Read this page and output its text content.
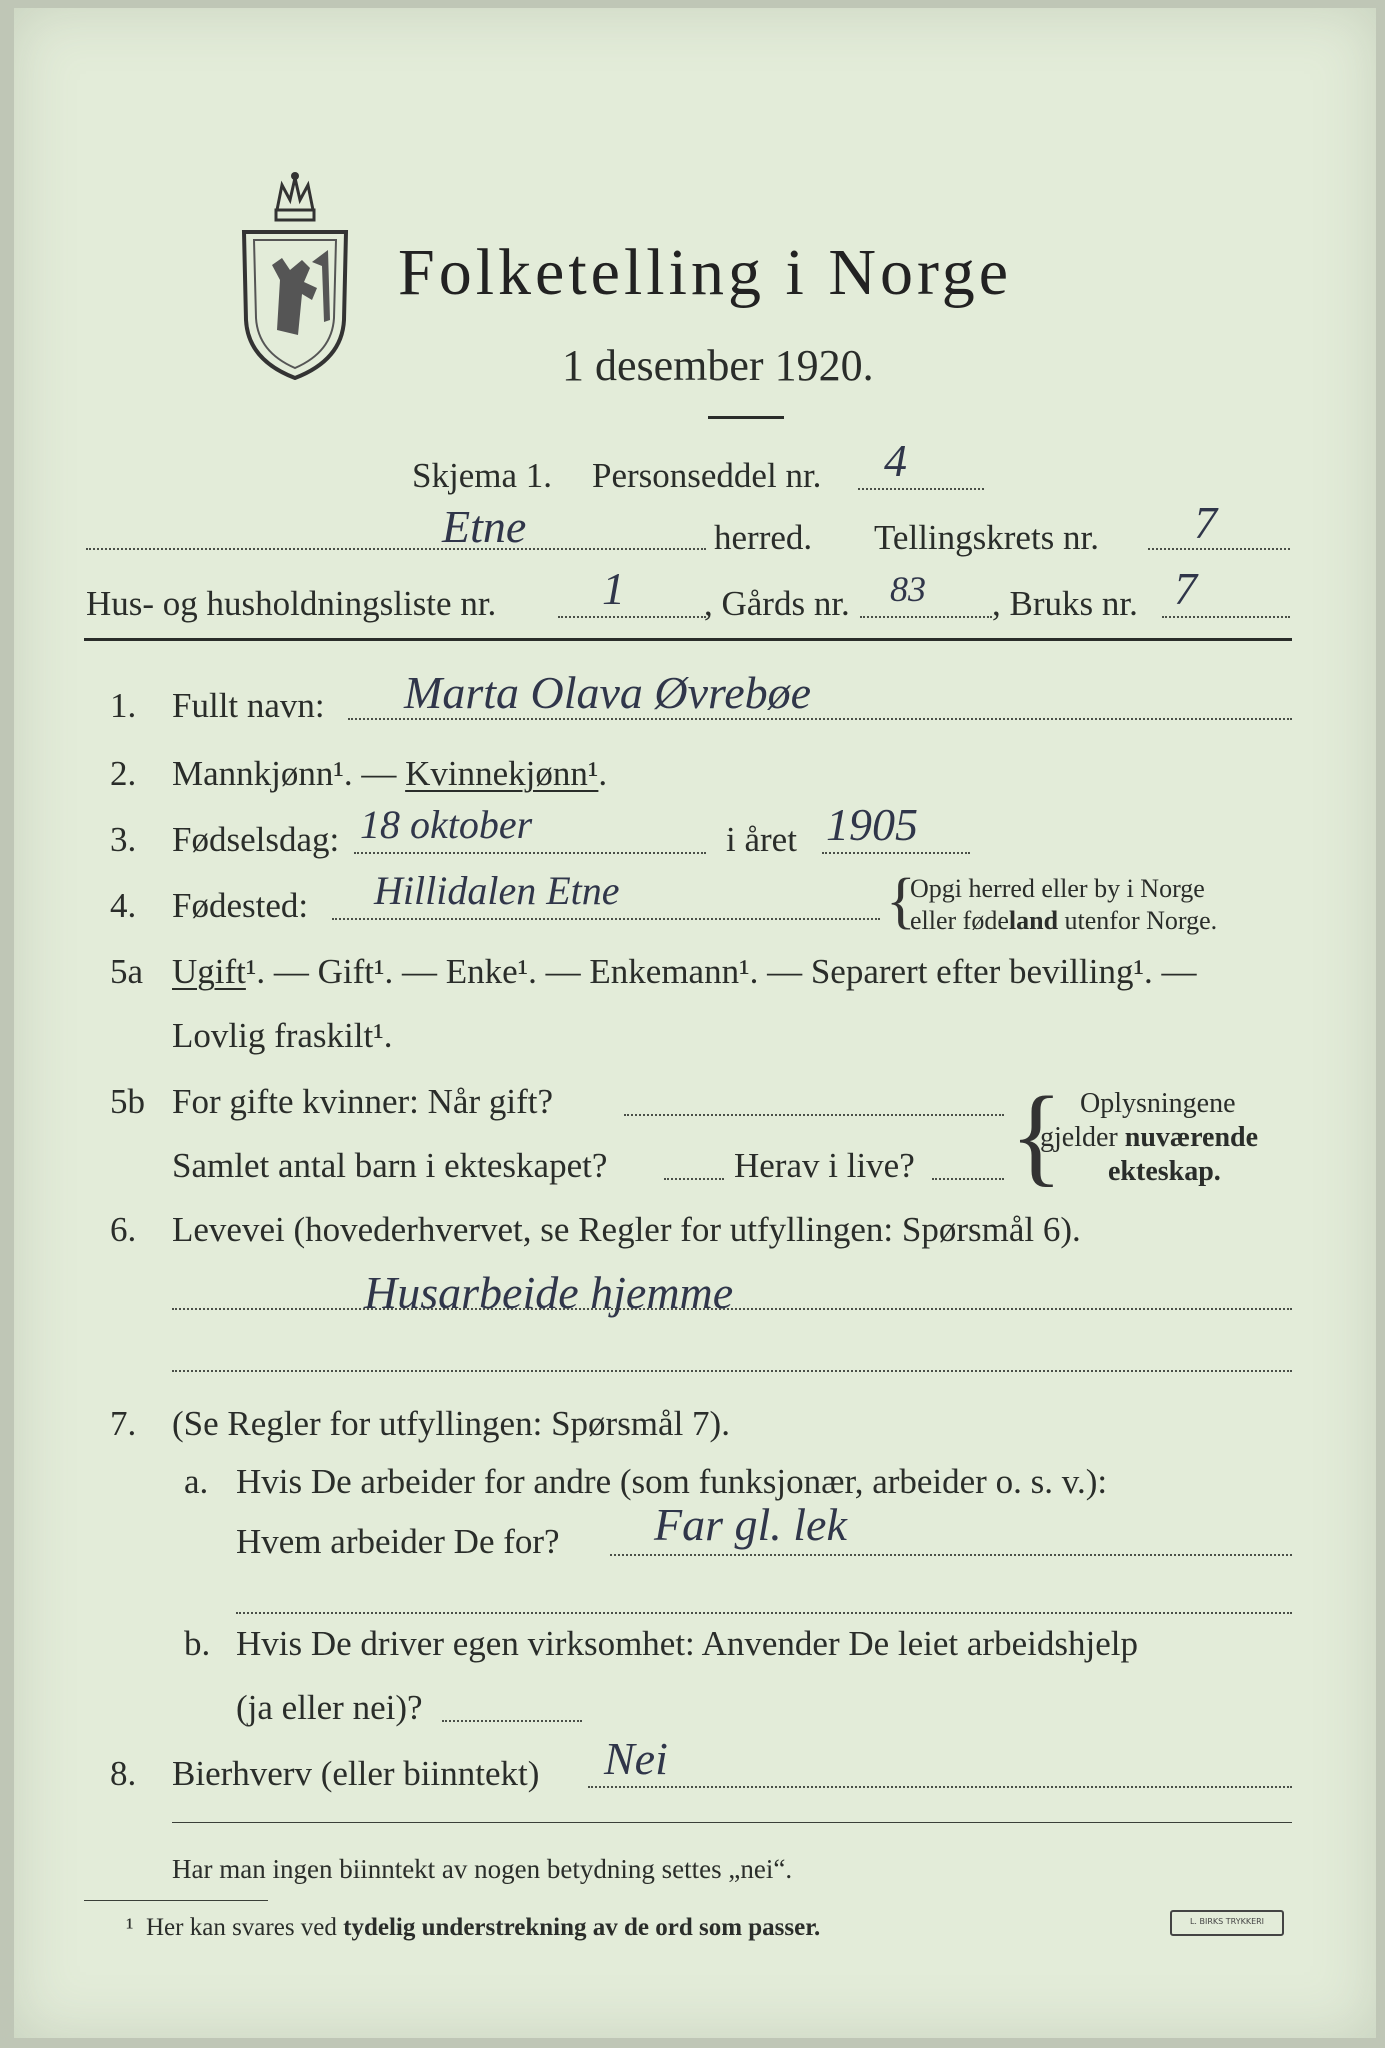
Folketelling i Norge
1 desember 1920.
Skjema 1. Personseddel nr. 4
Etne	herred. Tellingskrets nr. 7
Hus- og husholdningsliste nr. 1 , Gårds nr. 83 , Bruks nr. 7
1. Fullt navn: Marta Olava Øvrebøe
2. Mannkjønn¹. — Kvinnekjønn¹.
3. Fødselsdag: 18 oktober	i året 1905
4. Fødested: Hillidalen Etne	{
Opgi herred eller by i Norge
eller fødeland utenfor Norge.
5a Ugift¹. — Gift¹. — Enke¹. — Enkemann¹. — Separert efter bevilling¹. —
Lovlig fraskilt¹.
5b For gifte kvinner: Når gift?
Samlet antal barn i ekteskapet?	Herav i live? { Oplysningene
gjelder nuværende
ekteskap.
6. Levevei (hovederhvervet, se Regler for utfyllingen: Spørsmål 6).
Husarbeide hjemme
7. (Se Regler for utfyllingen: Spørsmål 7).
a. Hvis De arbeider for andre (som funksjonær, arbeider o. s. v.):
Hvem arbeider De for? Far gl. lek
b. Hvis De driver egen virksomhet: Anvender De leiet arbeidshjelp
(ja eller nei)?
8. Bierhverv (eller biinntekt) Nei
Har man ingen biinntekt av nogen betydning settes „nei“.
¹ Her kan svares ved tydelig understrekning av de ord som passer.	L. BIRKS TRYKKERI
